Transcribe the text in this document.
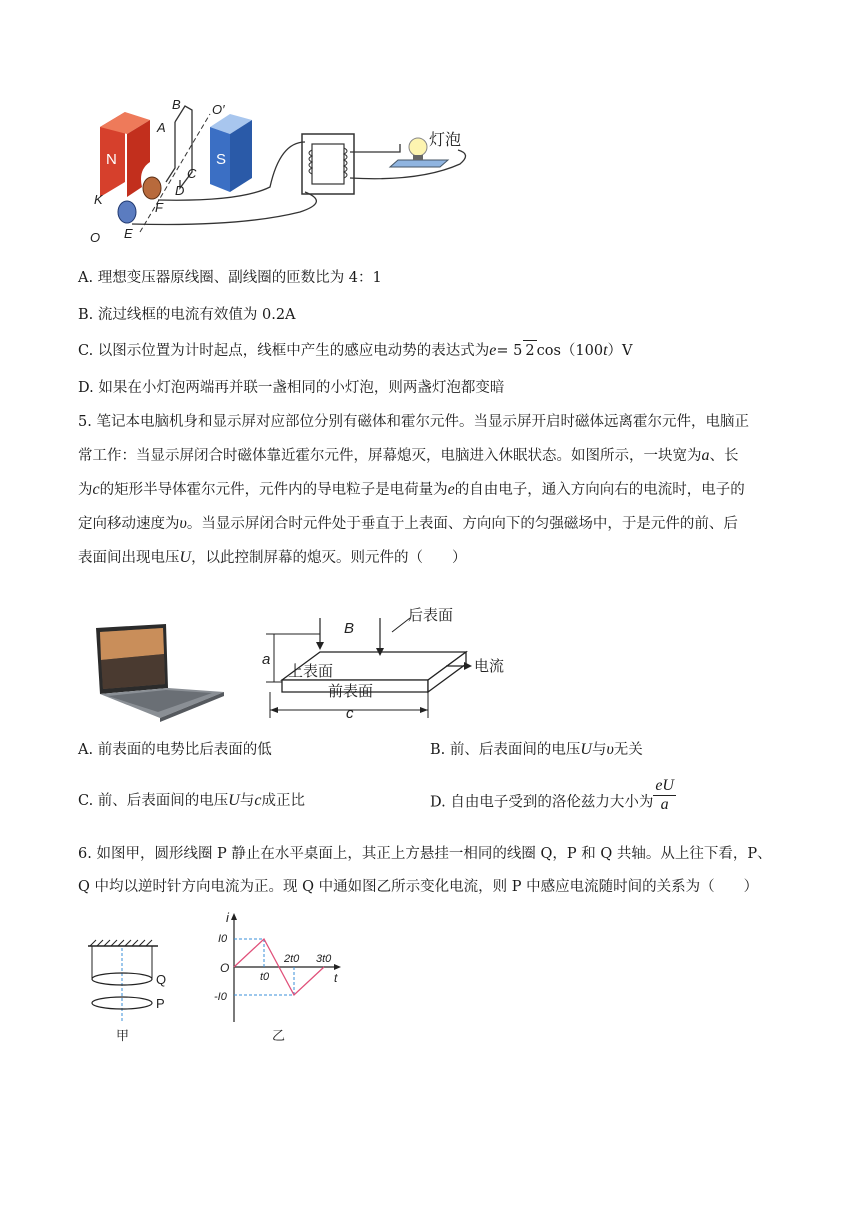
N	S
B
A
O′
C
D
F
K
O E
灯泡
A. 理想变压器原线圈、副线圈的匝数比为 4：1
B. 流过线框的电流有效值为 0.2A
C. 以图示位置为计时起点，线框中产生的感应电动势的表达式为e= 5 2 cos（100t）V
D. 如果在小灯泡两端再并联一盏相同的小灯泡，则两盏灯泡都变暗
5. 笔记本电脑机身和显示屏对应部位分别有磁体和霍尔元件。当显示屏开启时磁体远离霍尔元件，电脑正
常工作：当显示屏闭合时磁体靠近霍尔元件，屏幕熄灭，电脑进入休眠状态。如图所示，一块宽为a、长
为c的矩形半导体霍尔元件，元件内的导电粒子是电荷量为e的自由电子，通入方向向右的电流时，电子的
定向移动速度为υ。当显示屏闭合时元件处于垂直于上表面、方向向下的匀强磁场中，于是元件的前、后
表面间出现电压U，以此控制屏幕的熄灭。则元件的（　　）
B
后表面
a
上表面	电流
前表面
c
A. 前表面的电势比后表面的低	B. 前、后表面间的电压U与υ无关
C. 前、后表面间的电压U与c成正比	D. 自由电子受到的洛伦兹力大小为 $\frac{eU}{a}$
6. 如图甲，圆形线圈 P 静止在水平桌面上，其正上方悬挂一相同的线圈 Q，P 和 Q 共轴。从上往下看，P、
Q 中均以逆时针方向电流为正。现 Q 中通如图乙所示变化电流，则 P 中感应电流随时间的关系为（　　）
Q
P
甲
i
I0
O
t0
2t0 3t0
t
-I0
乙
